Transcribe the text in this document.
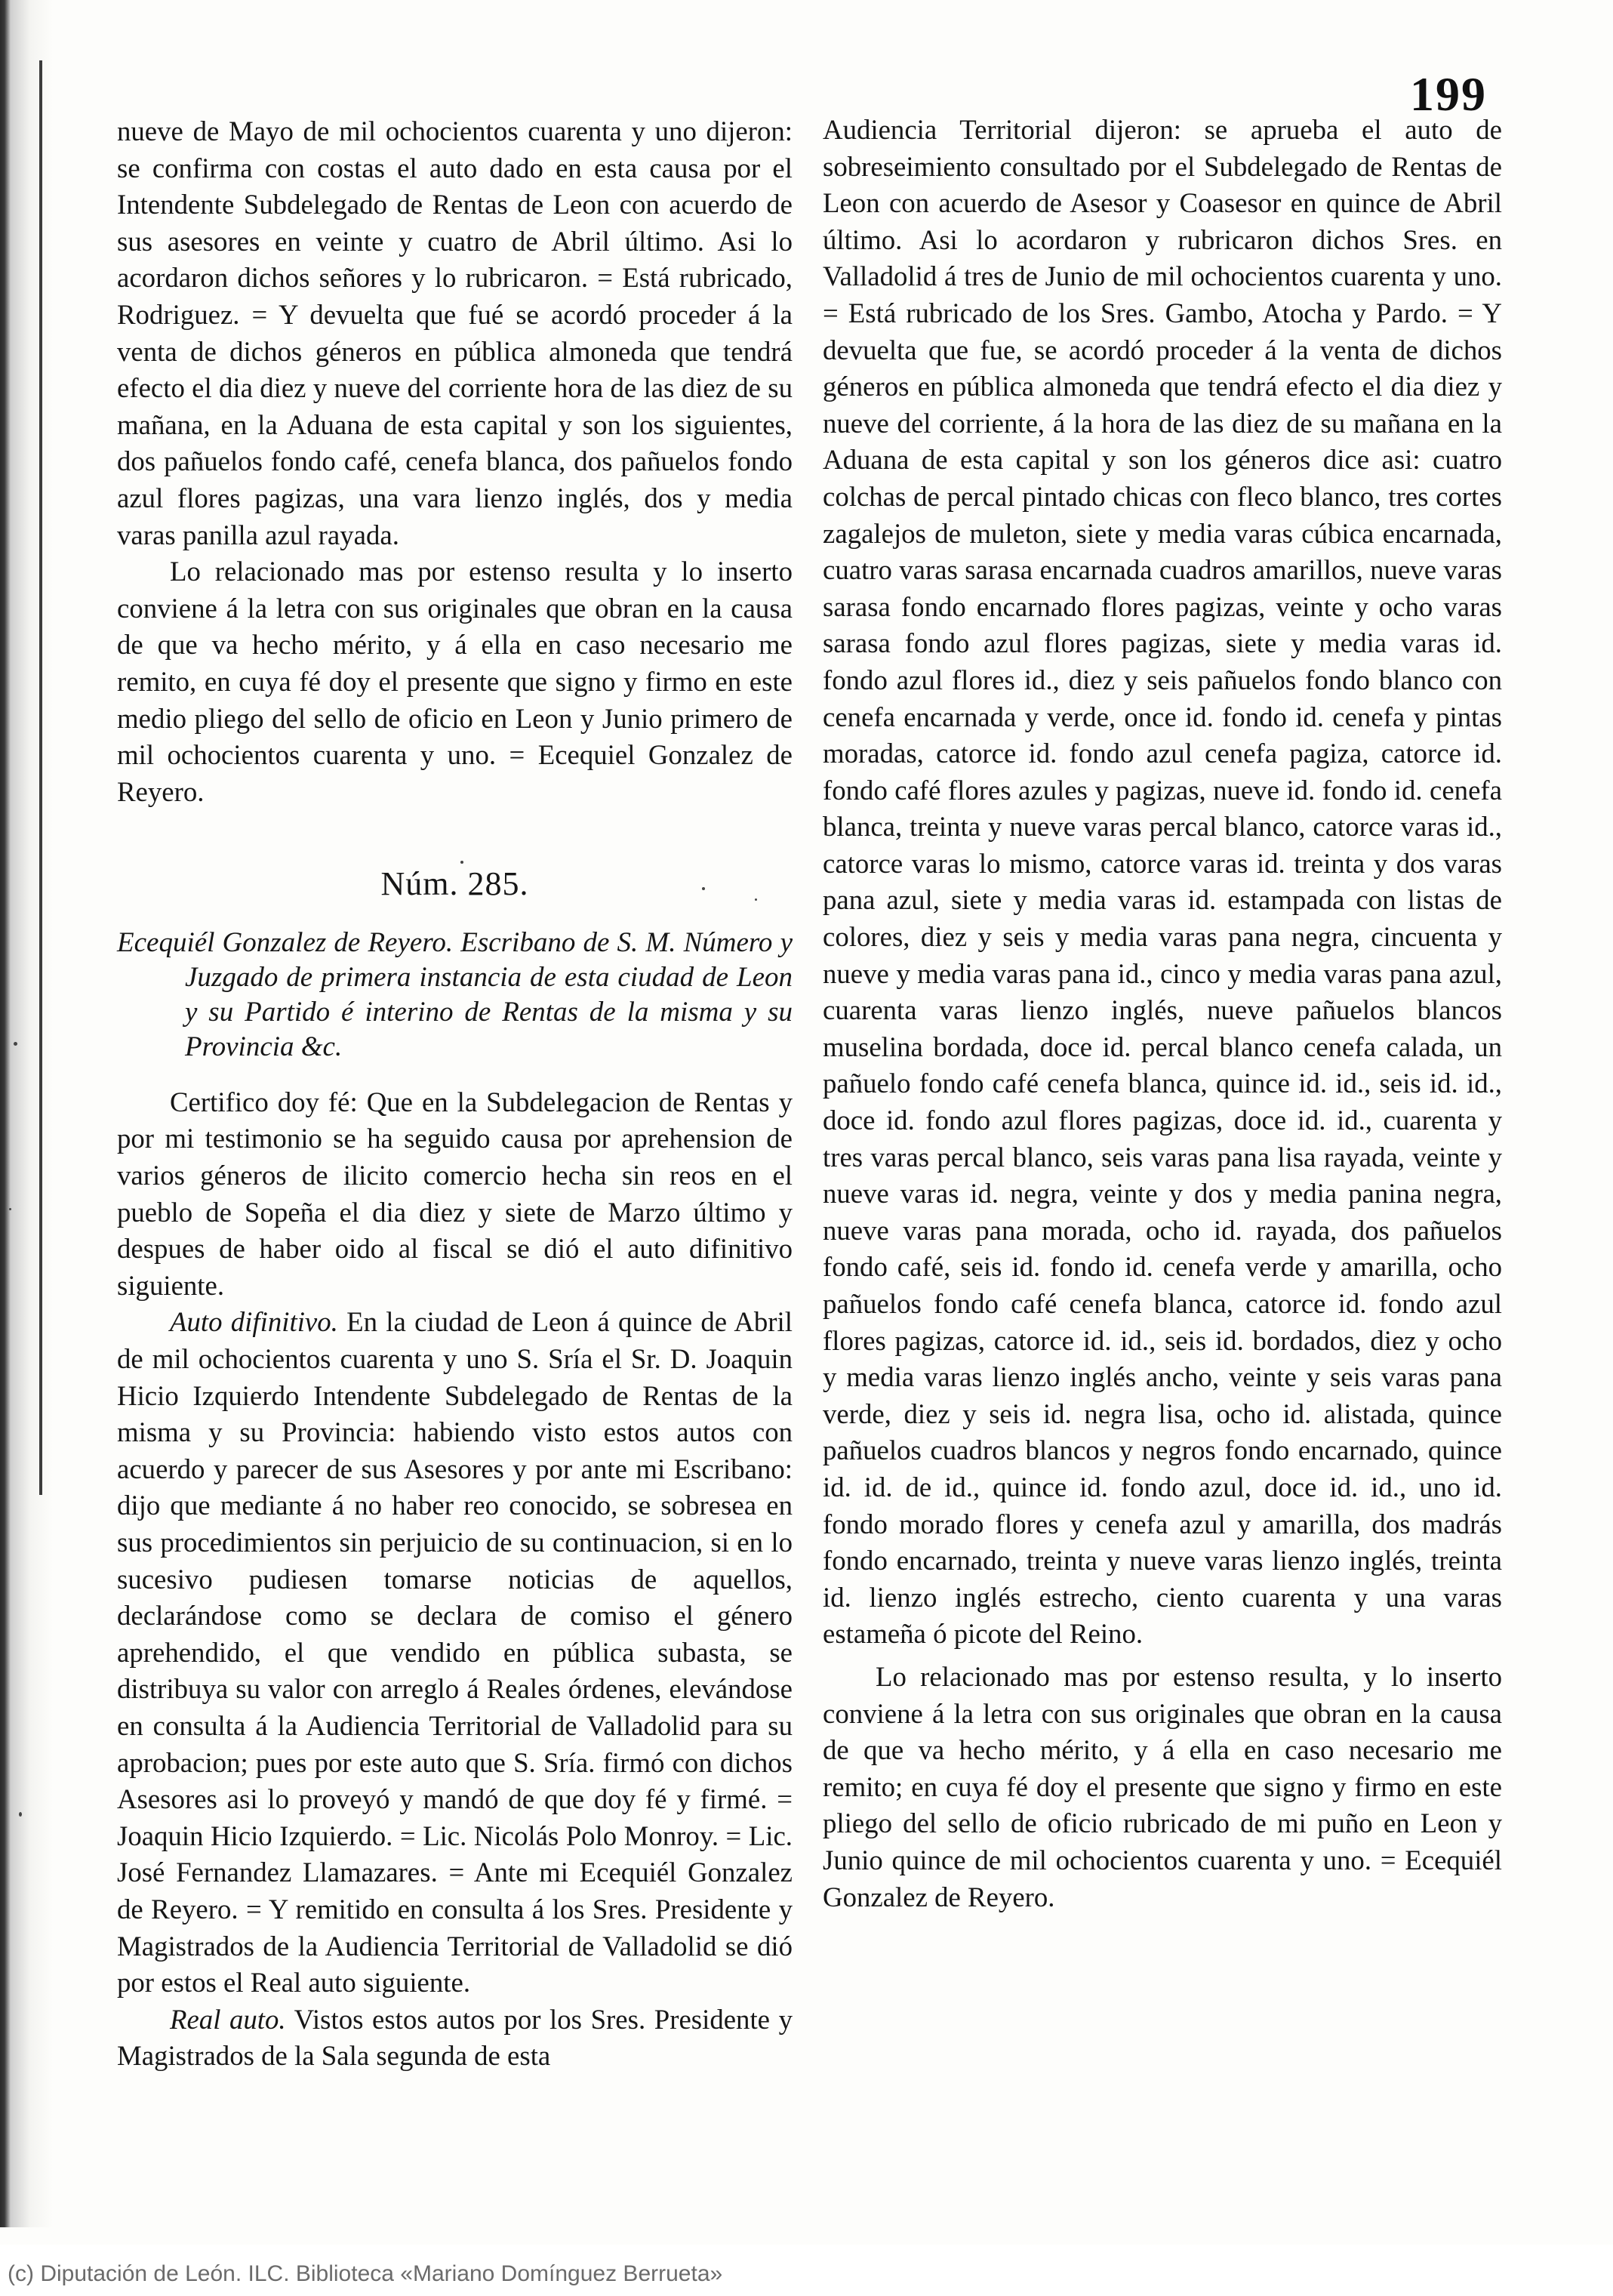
199

nueve de Mayo de mil ochocientos cuarenta y uno dijeron: se confirma con costas el auto dado en esta causa por el Intendente Subdelegado de Rentas de Leon con acuerdo de sus asesores en veinte y cuatro de Abril último. Asi lo acordaron dichos señores y lo rubricaron. = Está rubricado, Rodriguez. = Y devuelta que fué se acordó proceder á la venta de dichos géneros en pública almoneda que tendrá efecto el dia diez y nueve del corriente hora de las diez de su mañana, en la Aduana de esta capital y son los siguientes, dos pañuelos fondo café, cenefa blanca, dos pañuelos fondo azul flores pagizas, una vara lienzo inglés, dos y media varas panilla azul rayada.

Lo relacionado mas por estenso resulta y lo inserto conviene á la letra con sus originales que obran en la causa de que va hecho mérito, y á ella en caso necesario me remito, en cuya fé doy el presente que signo y firmo en este medio pliego del sello de oficio en Leon y Junio primero de mil ochocientos cuarenta y uno. = Ecequiel Gonzalez de Reyero.

Núm. 285.

Ecequiél Gonzalez de Reyero. Escribano de S. M. Número y Juzgado de primera instancia de esta ciudad de Leon y su Partido é interino de Rentas de la misma y su Provincia &c.

Certifico doy fé: Que en la Subdelegacion de Rentas y por mi testimonio se ha seguido causa por aprehension de varios géneros de ilicito comercio hecha sin reos en el pueblo de Sopeña el dia diez y siete de Marzo último y despues de haber oido al fiscal se dió el auto difinitivo siguiente.

Auto difinitivo. En la ciudad de Leon á quince de Abril de mil ochocientos cuarenta y uno S. Sría el Sr. D. Joaquin Hicio Izquierdo Intendente Subdelegado de Rentas de la misma y su Provincia: habiendo visto estos autos con acuerdo y parecer de sus Asesores y por ante mi Escribano: dijo que mediante á no haber reo conocido, se sobresea en sus procedimientos sin perjuicio de su continuacion, si en lo sucesivo pudiesen tomarse noticias de aquellos, declarándose como se declara de comiso el género aprehendido, el que vendido en pública subasta, se distribuya su valor con arreglo á Reales órdenes, elevándose en consulta á la Audiencia Territorial de Valladolid para su aprobacion; pues por este auto que S. Sría. firmó con dichos Asesores asi lo proveyó y mandó de que doy fé y firmé. = Joaquin Hicio Izquierdo. = Lic. Nicolás Polo Monroy. = Lic. José Fernandez Llamazares. = Ante mi Ecequiél Gonzalez de Reyero. = Y remitido en consulta á los Sres. Presidente y Magistrados de la Audiencia Territorial de Valladolid se dió por estos el Real auto siguiente.

Real auto. Vistos estos autos por los Sres. Presidente y Magistrados de la Sala segunda de esta

Audiencia Territorial dijeron: se aprueba el auto de sobreseimiento consultado por el Subdelegado de Rentas de Leon con acuerdo de Asesor y Coasesor en quince de Abril último. Asi lo acordaron y rubricaron dichos Sres. en Valladolid á tres de Junio de mil ochocientos cuarenta y uno. = Está rubricado de los Sres. Gambo, Atocha y Pardo. = Y devuelta que fue, se acordó proceder á la venta de dichos géneros en pública almoneda que tendrá efecto el dia diez y nueve del corriente, á la hora de las diez de su mañana en la Aduana de esta capital y son los géneros dice asi: cuatro colchas de percal pintado chicas con fleco blanco, tres cortes zagalejos de muleton, siete y media varas cúbica encarnada, cuatro varas sarasa encarnada cuadros amarillos, nueve varas sarasa fondo encarnado flores pagizas, veinte y ocho varas sarasa fondo azul flores pagizas, siete y media varas id. fondo azul flores id., diez y seis pañuelos fondo blanco con cenefa encarnada y verde, once id. fondo id. cenefa y pintas moradas, catorce id. fondo azul cenefa pagiza, catorce id. fondo café flores azules y pagizas, nueve id. fondo id. cenefa blanca, treinta y nueve varas percal blanco, catorce varas id., catorce varas lo mismo, catorce varas id. treinta y dos varas pana azul, siete y media varas id. estampada con listas de colores, diez y seis y media varas pana negra, cincuenta y nueve y media varas pana id., cinco y media varas pana azul, cuarenta varas lienzo inglés, nueve pañuelos blancos muselina bordada, doce id. percal blanco cenefa calada, un pañuelo fondo café cenefa blanca, quince id. id., seis id. id., doce id. fondo azul flores pagizas, doce id. id., cuarenta y tres varas percal blanco, seis varas pana lisa rayada, veinte y nueve varas id. negra, veinte y dos y media panina negra, nueve varas pana morada, ocho id. rayada, dos pañuelos fondo café, seis id. fondo id. cenefa verde y amarilla, ocho pañuelos fondo café cenefa blanca, catorce id. fondo azul flores pagizas, catorce id. id., seis id. bordados, diez y ocho y media varas lienzo inglés ancho, veinte y seis varas pana verde, diez y seis id. negra lisa, ocho id. alistada, quince pañuelos cuadros blancos y negros fondo encarnado, quince id. id. de id., quince id. fondo azul, doce id. id., uno id. fondo morado flores y cenefa azul y amarilla, dos madrás fondo encarnado, treinta y nueve varas lienzo inglés, treinta id. lienzo inglés estrecho, ciento cuarenta y una varas estameña ó picote del Reino.

Lo relacionado mas por estenso resulta, y lo inserto conviene á la letra con sus originales que obran en la causa de que va hecho mérito, y á ella en caso necesario me remito; en cuya fé doy el presente que signo y firmo en este pliego del sello de oficio rubricado de mi puño en Leon y Junio quince de mil ochocientos cuarenta y uno. = Ecequiél Gonzalez de Reyero.

(c) Diputación de León. ILC. Biblioteca «Mariano Domínguez Berrueta»
